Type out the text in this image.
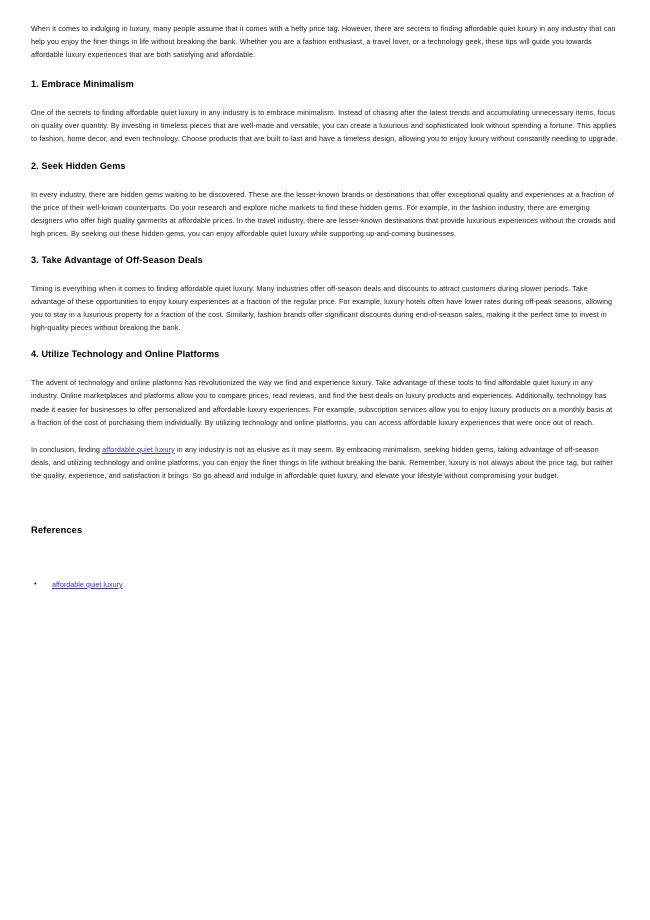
When it comes to indulging in luxury, many people assume that it comes with a hefty price tag. However, there are secrets to finding affordable quiet luxury in any industry that can help you enjoy the finer things in life without breaking the bank. Whether you are a fashion enthusiast, a travel lover, or a technology geek, these tips will guide you towards affordable luxury experiences that are both satisfying and affordable.

1. Embrace Minimalism

One of the secrets to finding affordable quiet luxury in any industry is to embrace minimalism. Instead of chasing after the latest trends and accumulating unnecessary items, focus on quality over quantity. By investing in timeless pieces that are well-made and versatile, you can create a luxurious and sophisticated look without spending a fortune. This applies to fashion, home decor, and even technology. Choose products that are built to last and have a timeless design, allowing you to enjoy luxury without constantly needing to upgrade.

2. Seek Hidden Gems

In every industry, there are hidden gems waiting to be discovered. These are the lesser-known brands or destinations that offer exceptional quality and experiences at a fraction of the price of their well-known counterparts. Do your research and explore niche markets to find these hidden gems. For example, in the fashion industry, there are emerging designers who offer high quality garments at affordable prices. In the travel industry, there are lesser-known destinations that provide luxurious experiences without the crowds and high prices. By seeking out these hidden gems, you can enjoy affordable quiet luxury while supporting up-and-coming businesses.

3. Take Advantage of Off-Season Deals

Timing is everything when it comes to finding affordable quiet luxury. Many industries offer off-season deals and discounts to attract customers during slower periods. Take advantage of these opportunities to enjoy luxury experiences at a fraction of the regular price. For example, luxury hotels often have lower rates during off-peak seasons, allowing you to stay in a luxurious property for a fraction of the cost. Similarly, fashion brands offer significant discounts during end-of-season sales, making it the perfect time to invest in high-quality pieces without breaking the bank.

4. Utilize Technology and Online Platforms

The advent of technology and online platforms has revolutionized the way we find and experience luxury. Take advantage of these tools to find affordable quiet luxury in any industry. Online marketplaces and platforms allow you to compare prices, read reviews, and find the best deals on luxury products and experiences. Additionally, technology has made it easier for businesses to offer personalized and affordable luxury experiences. For example, subscription services allow you to enjoy luxury products on a monthly basis at a fraction of the cost of purchasing them individually. By utilizing technology and online platforms, you can access affordable luxury experiences that were once out of reach.

In conclusion, finding affordable quiet luxury in any industry is not as elusive as it may seem. By embracing minimalism, seeking hidden gems, taking advantage of off-season deals, and utilizing technology and online platforms, you can enjoy the finer things in life without breaking the bank. Remember, luxury is not always about the price tag, but rather the quality, experience, and satisfaction it brings. So go ahead and indulge in affordable quiet luxury, and elevate your lifestyle without compromising your budget.

References
• affordable quiet luxury
